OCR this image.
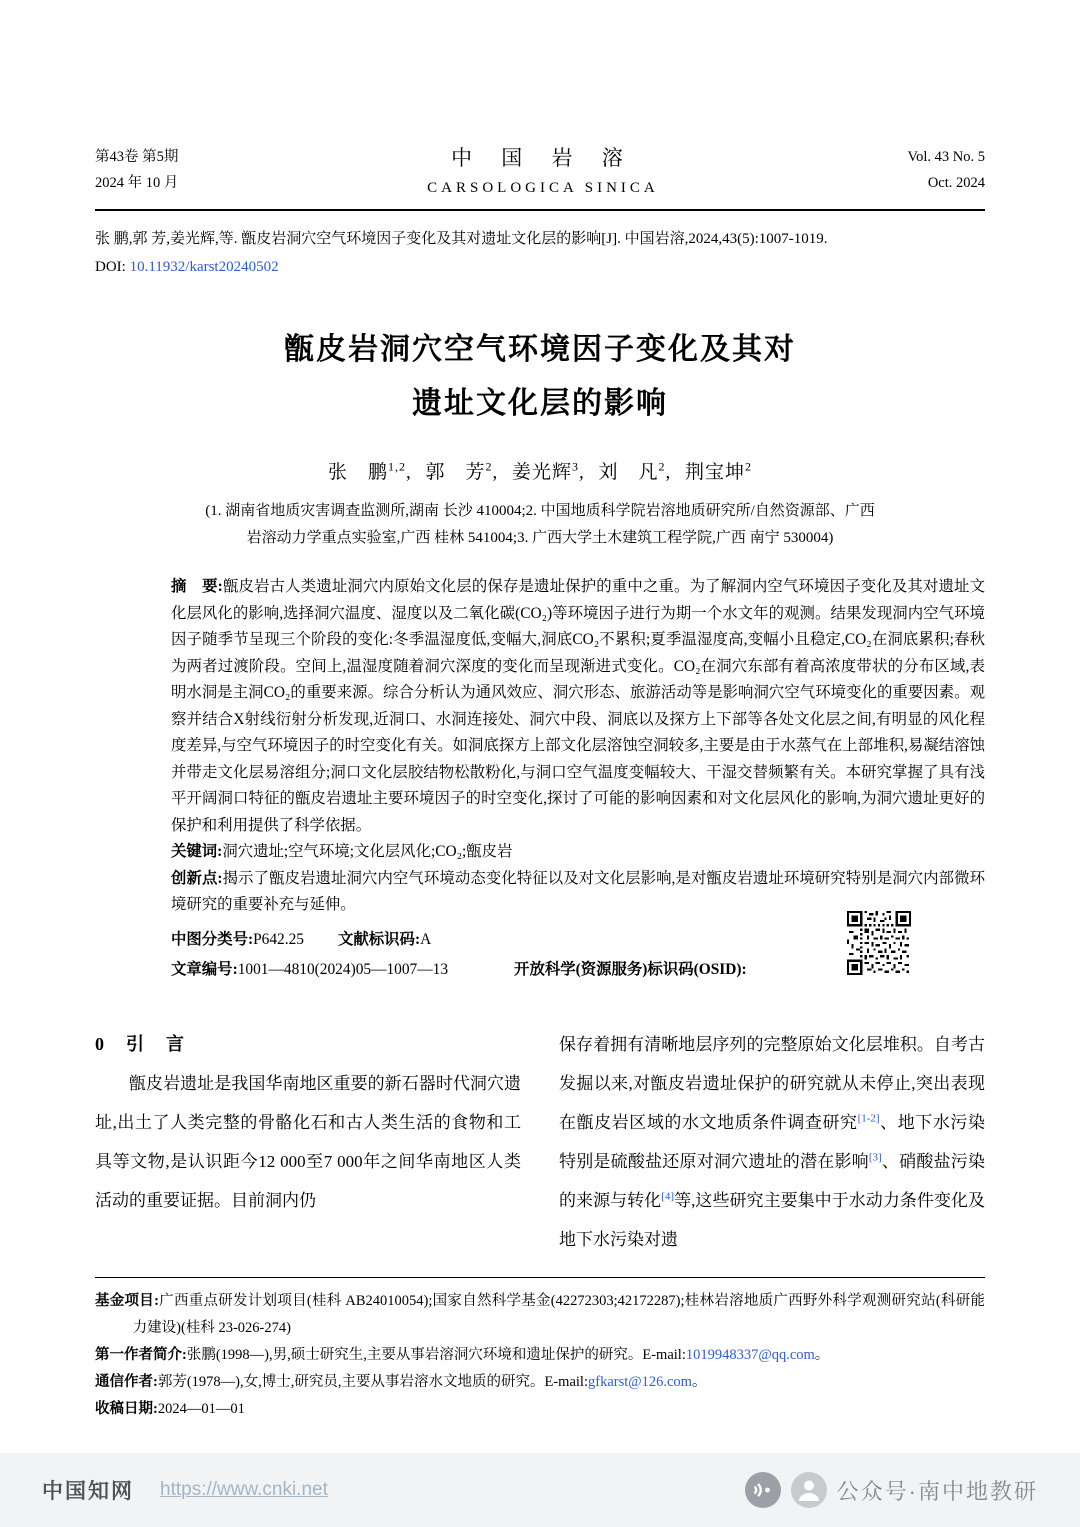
第43卷 第5期
2024 年 10 月
中 国 岩 溶
CARSOLOGICA SINICA
Vol. 43 No. 5
Oct. 2024
张 鹏,郭 芳,姜光辉,等. 甑皮岩洞穴空气环境因子变化及其对遗址文化层的影响[J]. 中国岩溶,2024,43(5):1007-1019.
DOI: 10.11932/karst20240502
甑皮岩洞穴空气环境因子变化及其对
遗址文化层的影响
张　鹏$^{1,2}$, 郭　芳$^2$, 姜光辉$^3$, 刘　凡$^2$, 荆宝坤$^2$
(1. 湖南省地质灾害调查监测所,湖南 长沙 410004;2. 中国地质科学院岩溶地质研究所/自然资源部、广西
岩溶动力学重点实验室,广西 桂林 541004;3. 广西大学土木建筑工程学院,广西 南宁 530004)

摘　要:甑皮岩古人类遗址洞穴内原始文化层的保存是遗址保护的重中之重。为了解洞内空气环境因子变化及其对遗址文化层风化的影响,选择洞穴温度、湿度以及二氧化碳(CO₂)等环境因子进行为期一个水文年的观测。结果发现洞内空气环境因子随季节呈现三个阶段的变化:冬季温湿度低,变幅大,洞底CO₂不累积;夏季温湿度高,变幅小且稳定,CO₂在洞底累积;春秋为两者过渡阶段。空间上,温湿度随着洞穴深度的变化而呈现渐进式变化。CO₂在洞穴东部有着高浓度带状的分布区域,表明水洞是主洞CO₂的重要来源。综合分析认为通风效应、洞穴形态、旅游活动等是影响洞穴空气环境变化的重要因素。观察并结合X射线衍射分析发现,近洞口、水洞连接处、洞穴中段、洞底以及探方上下部等各处文化层之间,有明显的风化程度差异,与空气环境因子的时空变化有关。如洞底探方上部文化层溶蚀空洞较多,主要是由于水蒸气在上部堆积,易凝结溶蚀并带走文化层易溶组分;洞口文化层胶结物松散粉化,与洞口空气温度变幅较大、干湿交替频繁有关。本研究掌握了具有浅平开阔洞口特征的甑皮岩遗址主要环境因子的时空变化,探讨了可能的影响因素和对文化层风化的影响,为洞穴遗址更好的保护和利用提供了科学依据。

关键词:洞穴遗址;空气环境;文化层风化;CO₂;甑皮岩

创新点:揭示了甑皮岩遗址洞穴内空气环境动态变化特征以及对文化层影响,是对甑皮岩遗址环境研究特别是洞穴内部微环境研究的重要补充与延伸。

中图分类号:P642.25 文献标识码:A
文章编号:1001—4810(2024)05—1007—13	开放科学(资源服务)标识码(OSID):

0　引　言

甑皮岩遗址是我国华南地区重要的新石器时代洞穴遗址,出土了人类完整的骨骼化石和古人类生活的食物和工具等文物,是认识距今12 000至7 000年之间华南地区人类活动的重要证据。目前洞内仍

保存着拥有清晰地层序列的完整原始文化层堆积。自考古发掘以来,对甑皮岩遗址保护的研究就从未停止,突出表现在甑皮岩区域的水文地质条件调查研究[1-2]、地下水污染特别是硫酸盐还原对洞穴遗址的潜在影响[3]、硝酸盐污染的来源与转化[4]等,这些研究主要集中于水动力条件变化及地下水污染对遗

基金项目:广西重点研发计划项目(桂科 AB24010054);国家自然科学基金(42272303;42172287);桂林岩溶地质广西野外科学观测研究站(科研能力建设)(桂科 23-026-274)

第一作者简介:张鹏(1998—),男,硕士研究生,主要从事岩溶洞穴环境和遗址保护的研究。E-mail:1019948337@qq.com。

通信作者:郭芳(1978—),女,博士,研究员,主要从事岩溶水文地质的研究。E-mail:gfkarst@126.com。

收稿日期:2024—01—01

中国知网 https://www.cnki.net	公众号·南中地教研
